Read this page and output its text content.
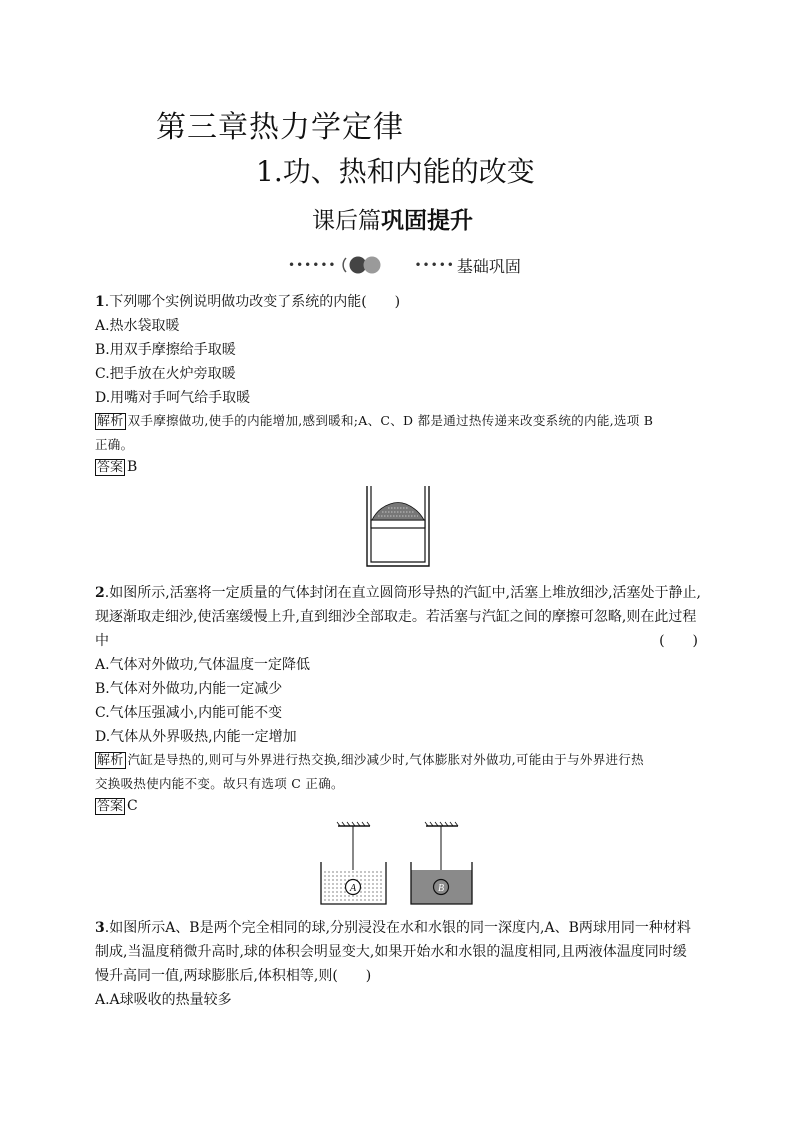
第三章热力学定律
1.功、热和内能的改变
课后篇巩固提升
••••••	••••• 基础巩固
1.下列哪个实例说明做功改变了系统的内能(　　)
A.热水袋取暖
B.用双手摩擦给手取暖
C.把手放在火炉旁取暖
D.用嘴对手呵气给手取暖
解析 双手摩擦做功,使手的内能增加,感到暖和;A、C、D 都是通过热传递来改变系统的内能,选项 B
正确。
答案 B
2.如图所示,活塞将一定质量的气体封闭在直立圆筒形导热的汽缸中,活塞上堆放细沙,活塞处于静止,
现逐渐取走细沙,使活塞缓慢上升,直到细沙全部取走。若活塞与汽缸之间的摩擦可忽略,则在此过程
中	(　　)
A.气体对外做功,气体温度一定降低
B.气体对外做功,内能一定减少
C.气体压强减小,内能可能不变
D.气体从外界吸热,内能一定增加
解析 汽缸是导热的,则可与外界进行热交换,细沙减少时,气体膨胀对外做功,可能由于与外界进行热
交换吸热使内能不变。故只有选项 C 正确。
答案 C
A	B
3.如图所示A、B是两个完全相同的球,分别浸没在水和水银的同一深度内,A、B两球用同一种材料
制成,当温度稍微升高时,球的体积会明显变大,如果开始水和水银的温度相同,且两液体温度同时缓
慢升高同一值,两球膨胀后,体积相等,则(　　)
A.A球吸收的热量较多
